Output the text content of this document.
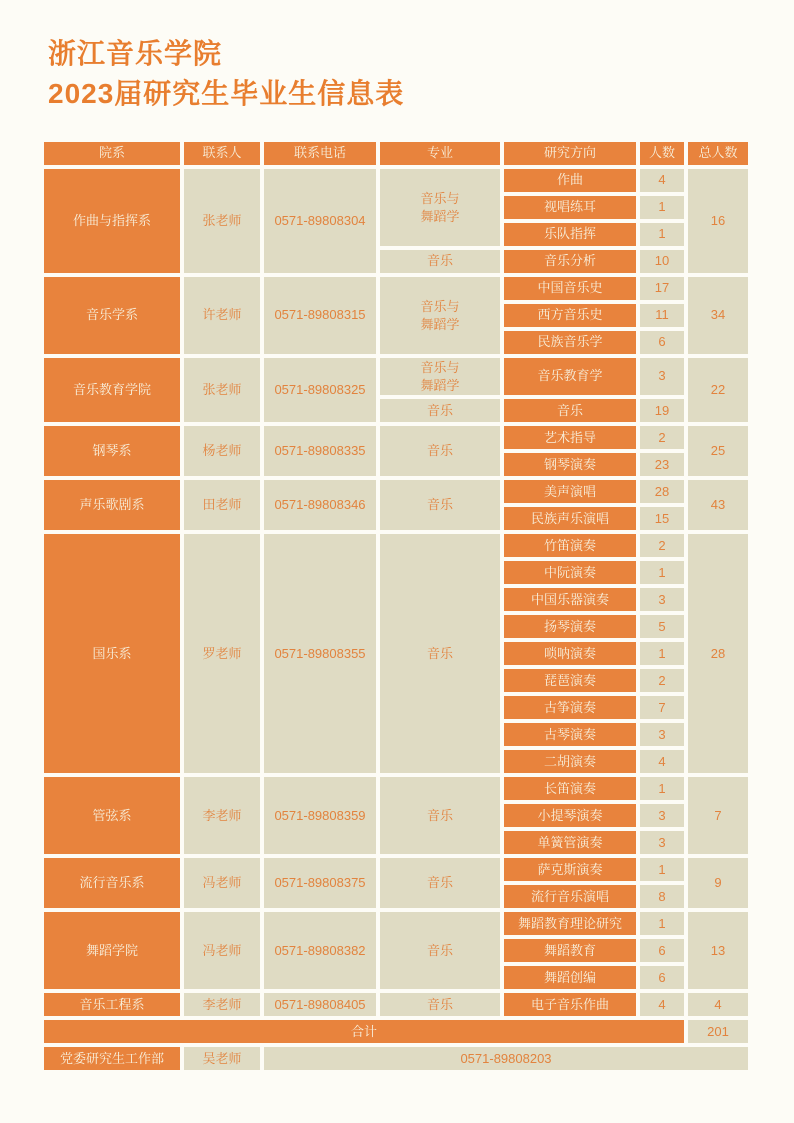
浙江音乐学院
2023届研究生毕业生信息表
院系	联系人	联系电话	专业	研究方向	人数	总人数
作曲与指挥系	张老师	0571-89808304	音乐与舞蹈学	作曲	4	16
				视唱练耳	1	
				乐队指挥	1	
			音乐	音乐分析	10	
音乐学系	许老师	0571-89808315	音乐与舞蹈学	中国音乐史	17	34
				西方音乐史	11	
				民族音乐学	6	
音乐教育学院	张老师	0571-89808325	音乐与舞蹈学	音乐教育学	3	22
			音乐	音乐	19	
钢琴系	杨老师	0571-89808335	音乐	艺术指导	2	25
				钢琴演奏	23	
声乐歌剧系	田老师	0571-89808346	音乐	美声演唱	28	43
				民族声乐演唱	15	
国乐系	罗老师	0571-89808355	音乐	竹笛演奏	2	28
				中阮演奏	1	
				中国乐器演奏	3	
				扬琴演奏	5	
				唢呐演奏	1	
				琵琶演奏	2	
				古筝演奏	7	
				古琴演奏	3	
				二胡演奏	4	
管弦系	李老师	0571-89808359	音乐	长笛演奏	1	7
				小提琴演奏	3	
				单簧管演奏	3	
流行音乐系	冯老师	0571-89808375	音乐	萨克斯演奏	1	9
				流行音乐演唱	8	
舞蹈学院	冯老师	0571-89808382	音乐	舞蹈教育理论研究	1	13
				舞蹈教育	6	
				舞蹈创编	6	
音乐工程系	李老师	0571-89808405	音乐	电子音乐作曲	4	4
合计						201
党委研究生工作部	吴老师	0571-89808203				
